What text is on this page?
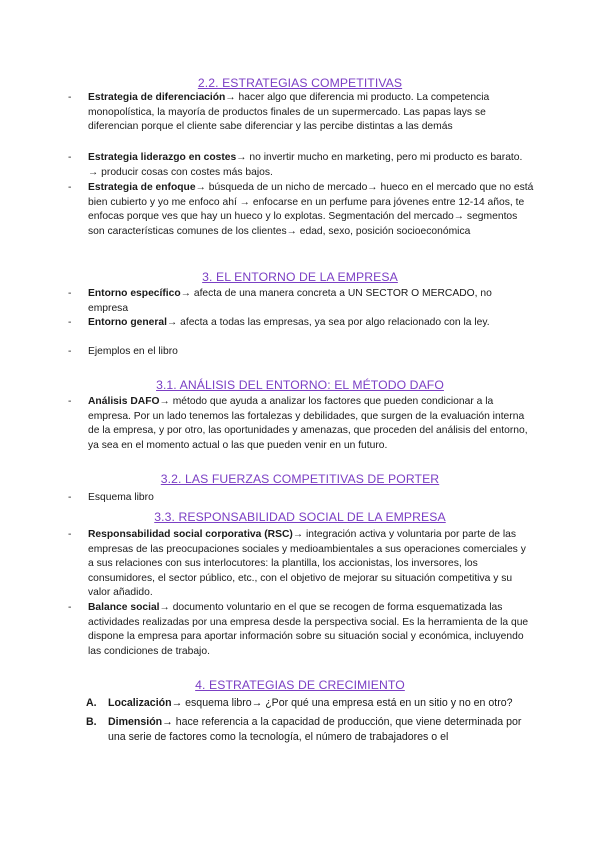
2.2. ESTRATEGIAS COMPETITIVAS
-	Estrategia de diferenciación→ hacer algo que diferencia mi producto. La competencia monopolística, la mayoría de productos finales de un supermercado. Las papas lays se diferencian porque el cliente sabe diferenciar y las percibe distintas a las demás
-	Estrategia liderazgo en costes→ no invertir mucho en marketing, pero mi producto es barato. → producir cosas con costes más bajos.
-	Estrategia de enfoque→ búsqueda de un nicho de mercado→ hueco en el mercado que no está bien cubierto y yo me enfoco ahí → enfocarse en un perfume para jóvenes entre 12-14 años, te enfocas porque ves que hay un hueco y lo explotas. Segmentación del mercado→ segmentos son características comunes de los clientes→ edad, sexo, posición socioeconómica
3. EL ENTORNO DE LA EMPRESA
-	Entorno específico→ afecta de una manera concreta a UN SECTOR O MERCADO, no empresa
-	Entorno general→ afecta a todas las empresas, ya sea por algo relacionado con la ley.
-	Ejemplos en el libro
3.1. ANÁLISIS DEL ENTORNO: EL MÉTODO DAFO
-	Análisis DAFO→ método que ayuda a analizar los factores que pueden condicionar a la empresa. Por un lado tenemos las fortalezas y debilidades, que surgen de la evaluación interna de la empresa, y por otro, las oportunidades y amenazas, que proceden del análisis del entorno, ya sea en el momento actual o las que pueden venir en un futuro.
3.2. LAS FUERZAS COMPETITIVAS DE PORTER
-	Esquema libro
3.3. RESPONSABILIDAD SOCIAL DE LA EMPRESA
-	Responsabilidad social corporativa (RSC)→ integración activa y voluntaria por parte de las empresas de las preocupaciones sociales y medioambientales a sus operaciones comerciales y a sus relaciones con sus interlocutores: la plantilla, los accionistas, los inversores, los consumidores, el sector público, etc., con el objetivo de mejorar su situación competitiva y su valor añadido.
-	Balance social→ documento voluntario en el que se recogen de forma esquematizada las actividades realizadas por una empresa desde la perspectiva social. Es la herramienta de la que dispone la empresa para aportar información sobre su situación social y económica, incluyendo las condiciones de trabajo.
4. ESTRATEGIAS DE CRECIMIENTO
A.	Localización→ esquema libro→ ¿Por qué una empresa está en un sitio y no en otro?
B.	Dimensión→ hace referencia a la capacidad de producción, que viene determinada por una serie de factores como la tecnología, el número de trabajadores o el
